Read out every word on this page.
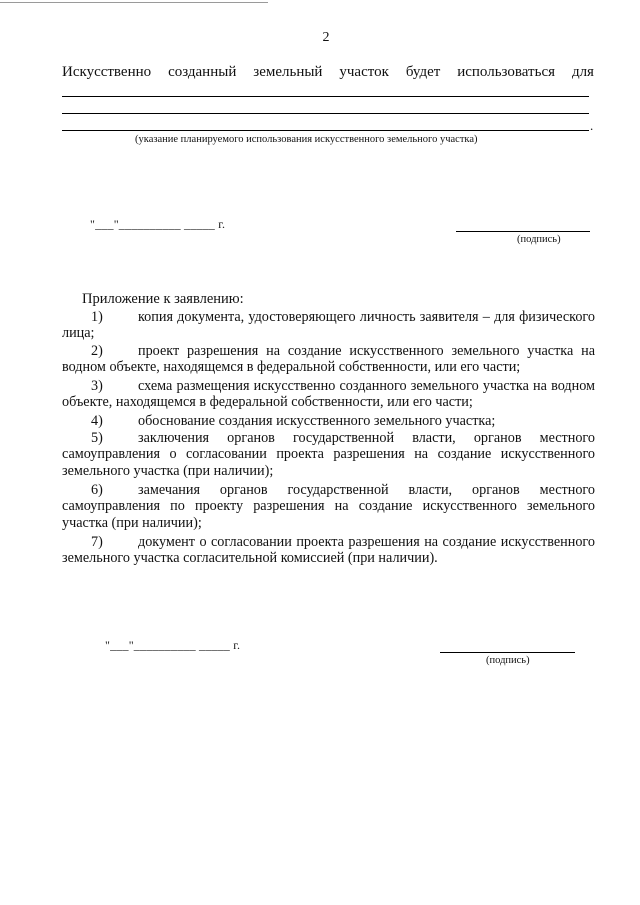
2
Искусственно созданный земельный участок будет использоваться для
.
(указание планируемого использования искусственного земельного участка)
"___"__________ _____ г.
(подпись)
Приложение к заявлению:
1)	копия документа, удостоверяющего личность заявителя – для физического лица;

2)	проект разрешения на создание искусственного земельного участка на водном объекте, находящемся в федеральной собственности, или его части;

3)	схема размещения искусственно созданного земельного участка на водном объекте, находящемся в федеральной собственности, или его части;

4)	обоснование создания искусственного земельного участка;

5)	заключения органов государственной власти, органов местного самоуправления о согласовании проекта разрешения на создание искусственного земельного участка (при наличии);

6)	замечания органов государственной власти, органов местного самоуправления по проекту разрешения на создание искусственного земельного участка (при наличии);

7)	документ о согласовании проекта разрешения на создание искусственного земельного участка согласительной комиссией (при наличии).

"___"__________ _____ г.
(подпись)
